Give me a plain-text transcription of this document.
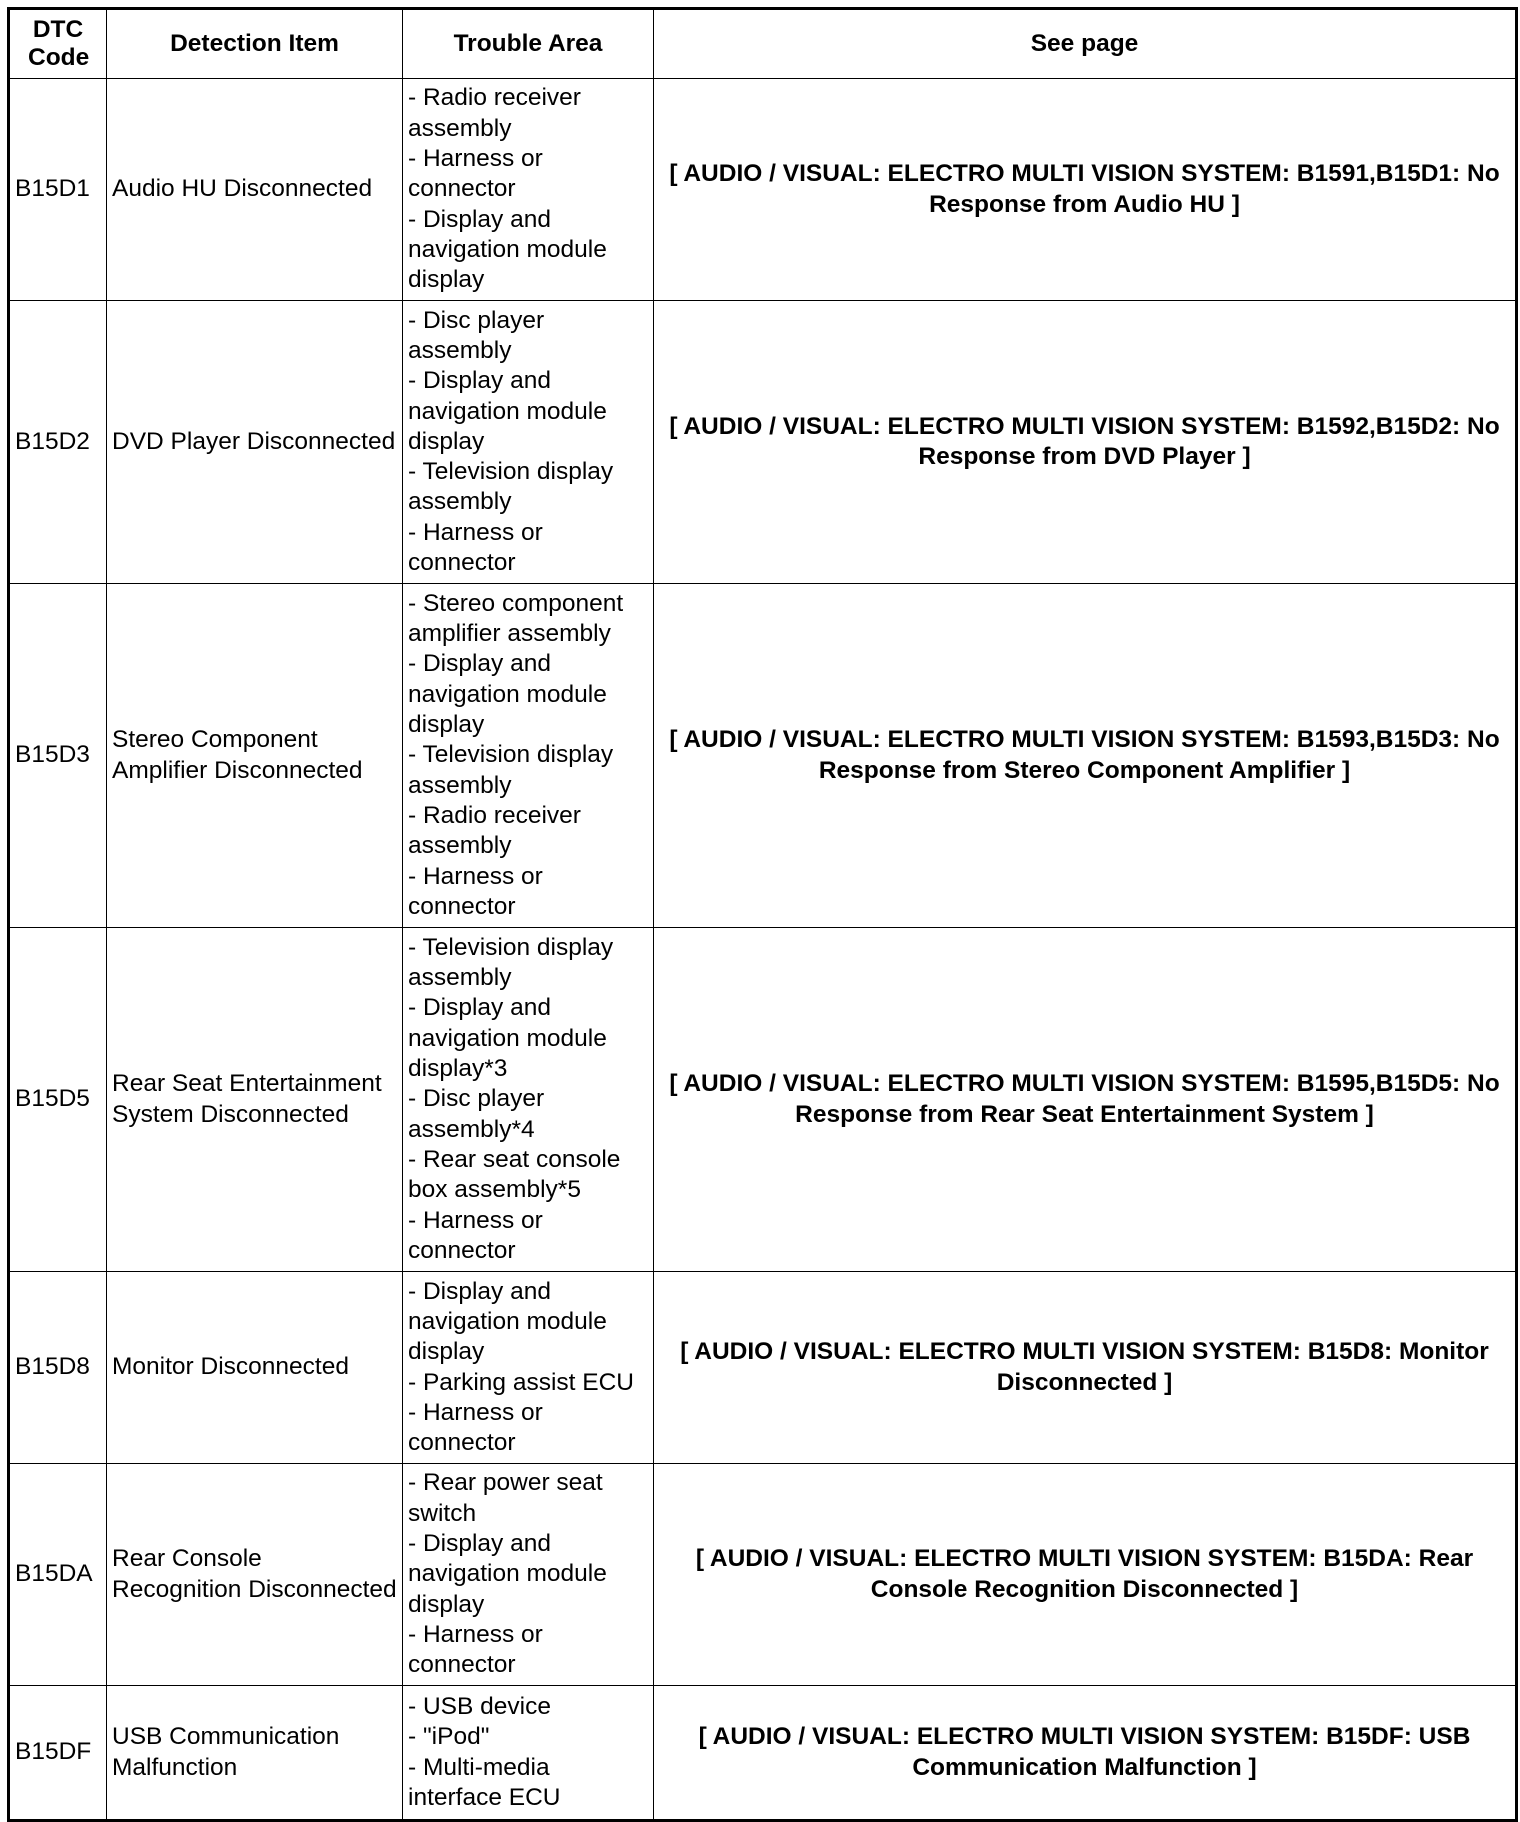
DTC Code	Detection Item	Trouble Area	See page
B15D1	Audio HU Disconnected	- Radio receiver assembly
- Harness or connector
- Display and navigation module display	[ AUDIO / VISUAL: ELECTRO MULTI VISION SYSTEM: B1591,B15D1: No Response from Audio HU ]

B15D2	DVD Player Disconnected	- Disc player assembly
- Display and navigation module display
- Television display assembly
- Harness or connector	[ AUDIO / VISUAL: ELECTRO MULTI VISION SYSTEM: B1592,B15D2: No Response from DVD Player ]

B15D3	Stereo Component Amplifier Disconnected	- Stereo component amplifier assembly
- Display and navigation module display
- Television display assembly
- Radio receiver assembly
- Harness or connector	[ AUDIO / VISUAL: ELECTRO MULTI VISION SYSTEM: B1593,B15D3: No Response from Stereo Component Amplifier ]

B15D5	Rear Seat Entertainment System Disconnected	- Television display assembly
- Display and navigation module display*3
- Disc player assembly*4
- Rear seat console box assembly*5
- Harness or connector	[ AUDIO / VISUAL: ELECTRO MULTI VISION SYSTEM: B1595,B15D5: No Response from Rear Seat Entertainment System ]

B15D8	Monitor Disconnected	- Display and navigation module display
- Parking assist ECU
- Harness or connector	[ AUDIO / VISUAL: ELECTRO MULTI VISION SYSTEM: B15D8: Monitor Disconnected ]

B15DA	Rear Console Recognition Disconnected	- Rear power seat switch
- Display and navigation module display
- Harness or connector	[ AUDIO / VISUAL: ELECTRO MULTI VISION SYSTEM: B15DA: Rear Console Recognition Disconnected ]

B15DF	USB Communication Malfunction	- USB device
- "iPod"
- Multi-media interface ECU	[ AUDIO / VISUAL: ELECTRO MULTI VISION SYSTEM: B15DF: USB Communication Malfunction ]
